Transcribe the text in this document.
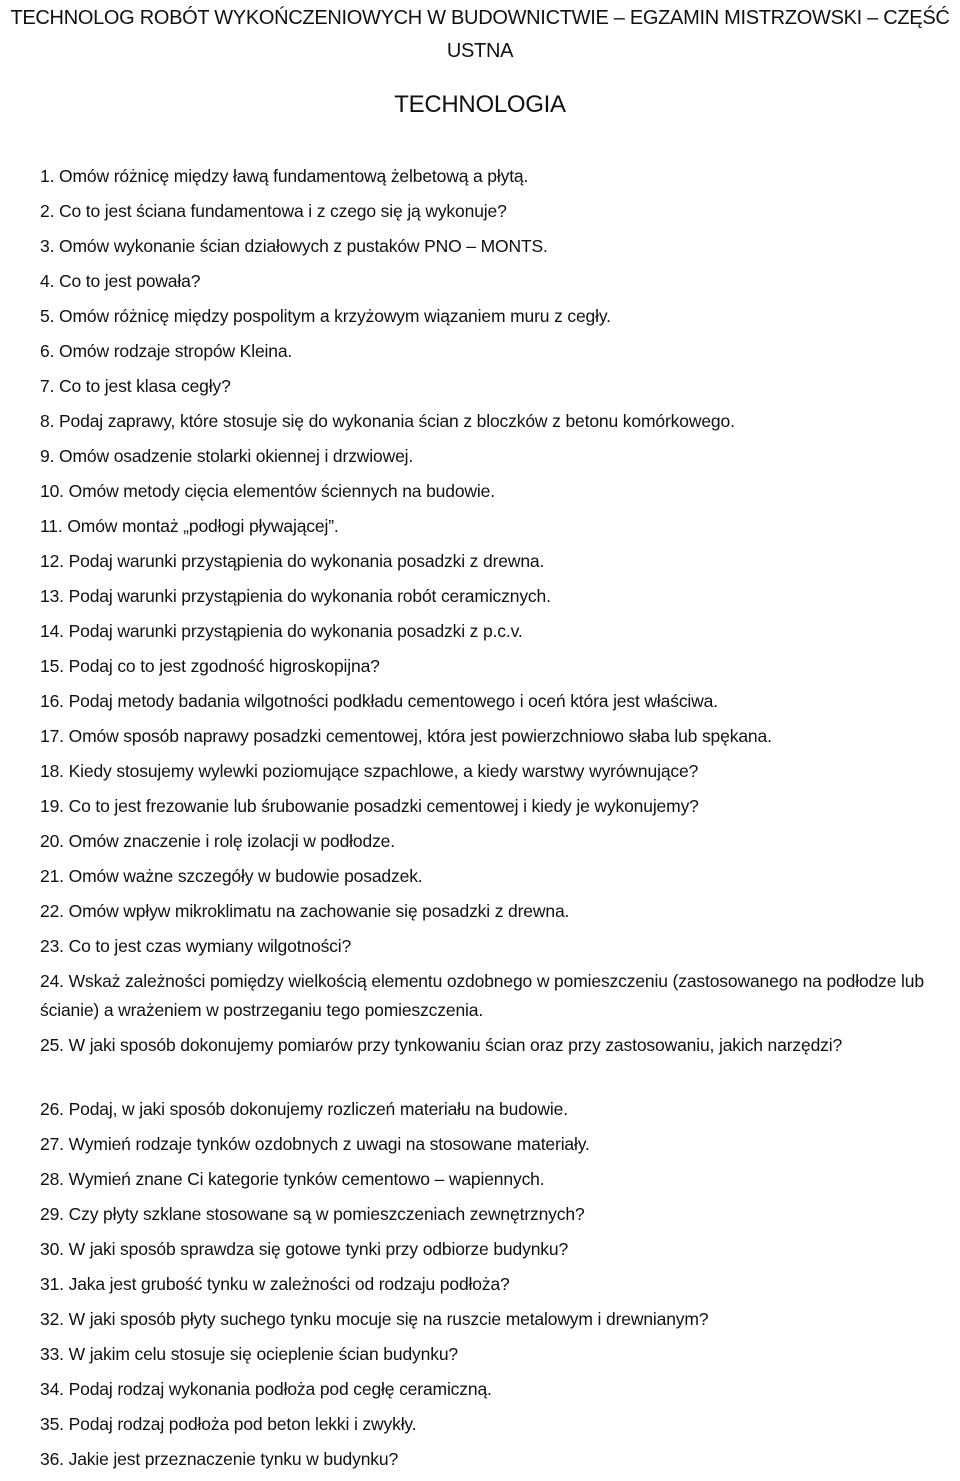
TECHNOLOG ROBÓT WYKOŃCZENIOWYCH W BUDOWNICTWIE – EGZAMIN MISTRZOWSKI – CZĘŚĆ USTNA
TECHNOLOGIA
1. Omów różnicę między ławą fundamentową żelbetową a płytą.
2. Co to jest ściana fundamentowa i z czego się ją wykonuje?
3. Omów wykonanie ścian działowych z pustaków PNO – MONTS.
4. Co to jest powała?
5. Omów różnicę między pospolitym a krzyżowym wiązaniem muru z cegły.
6. Omów rodzaje stropów Kleina.
7. Co to jest klasa cegły?
8. Podaj zaprawy, które stosuje się do wykonania ścian z bloczków z betonu komórkowego.
9. Omów osadzenie stolarki okiennej i drzwiowej.
10. Omów metody cięcia elementów ściennych na budowie.
11. Omów montaż „podłogi pływającej”.
12. Podaj warunki przystąpienia do wykonania posadzki z drewna.
13. Podaj warunki przystąpienia do wykonania robót ceramicznych.
14. Podaj warunki przystąpienia do wykonania posadzki z p.c.v.
15. Podaj co to jest zgodność higroskopijna?
16. Podaj metody badania wilgotności podkładu cementowego i oceń która jest właściwa.
17. Omów sposób naprawy posadzki cementowej, która jest powierzchniowo słaba lub spękana.
18. Kiedy stosujemy wylewki poziomujące szpachlowe, a kiedy warstwy wyrównujące?
19. Co to jest frezowanie lub śrubowanie posadzki cementowej i kiedy je wykonujemy?
20. Omów znaczenie i rolę izolacji w podłodze.
21. Omów ważne szczegóły w budowie posadzek.
22. Omów wpływ mikroklimatu na zachowanie się posadzki z drewna.
23. Co to jest czas wymiany wilgotności?
24. Wskaż zależności pomiędzy wielkością elementu ozdobnego w pomieszczeniu (zastosowanego na podłodze lub ścianie) a wrażeniem w postrzeganiu tego pomieszczenia.
25. W jaki sposób dokonujemy pomiarów przy tynkowaniu ścian oraz przy zastosowaniu, jakich narzędzi?
26. Podaj, w jaki sposób dokonujemy rozliczeń materiału na budowie.
27. Wymień rodzaje tynków ozdobnych z uwagi na stosowane materiały.
28. Wymień znane Ci kategorie tynków cementowo – wapiennych.
29. Czy płyty szklane stosowane są w pomieszczeniach zewnętrznych?
30. W jaki sposób sprawdza się gotowe tynki przy odbiorze budynku?
31. Jaka jest grubość tynku w zależności od rodzaju podłoża?
32. W jaki sposób płyty suchego tynku mocuje się na ruszcie metalowym i drewnianym?
33. W jakim celu stosuje się ocieplenie ścian budynku?
34. Podaj rodzaj wykonania podłoża pod cegłę ceramiczną.
35. Podaj rodzaj podłoża pod beton lekki i zwykły.
36. Jakie jest przeznaczenie tynku w budynku?
